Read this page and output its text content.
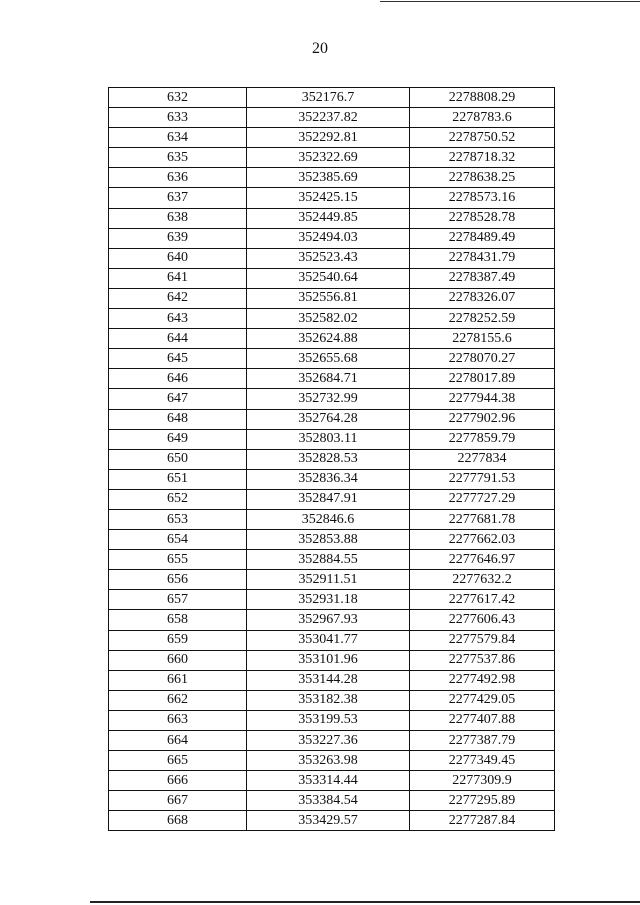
20
632	352176.7	2278808.29
633	352237.82	2278783.6
634	352292.81	2278750.52
635	352322.69	2278718.32
636	352385.69	2278638.25
637	352425.15	2278573.16
638	352449.85	2278528.78
639	352494.03	2278489.49
640	352523.43	2278431.79
641	352540.64	2278387.49
642	352556.81	2278326.07
643	352582.02	2278252.59
644	352624.88	2278155.6
645	352655.68	2278070.27
646	352684.71	2278017.89
647	352732.99	2277944.38
648	352764.28	2277902.96
649	352803.11	2277859.79
650	352828.53	2277834
651	352836.34	2277791.53
652	352847.91	2277727.29
653	352846.6	2277681.78
654	352853.88	2277662.03
655	352884.55	2277646.97
656	352911.51	2277632.2
657	352931.18	2277617.42
658	352967.93	2277606.43
659	353041.77	2277579.84
660	353101.96	2277537.86
661	353144.28	2277492.98
662	353182.38	2277429.05
663	353199.53	2277407.88
664	353227.36	2277387.79
665	353263.98	2277349.45
666	353314.44	2277309.9
667	353384.54	2277295.89
668	353429.57	2277287.84
